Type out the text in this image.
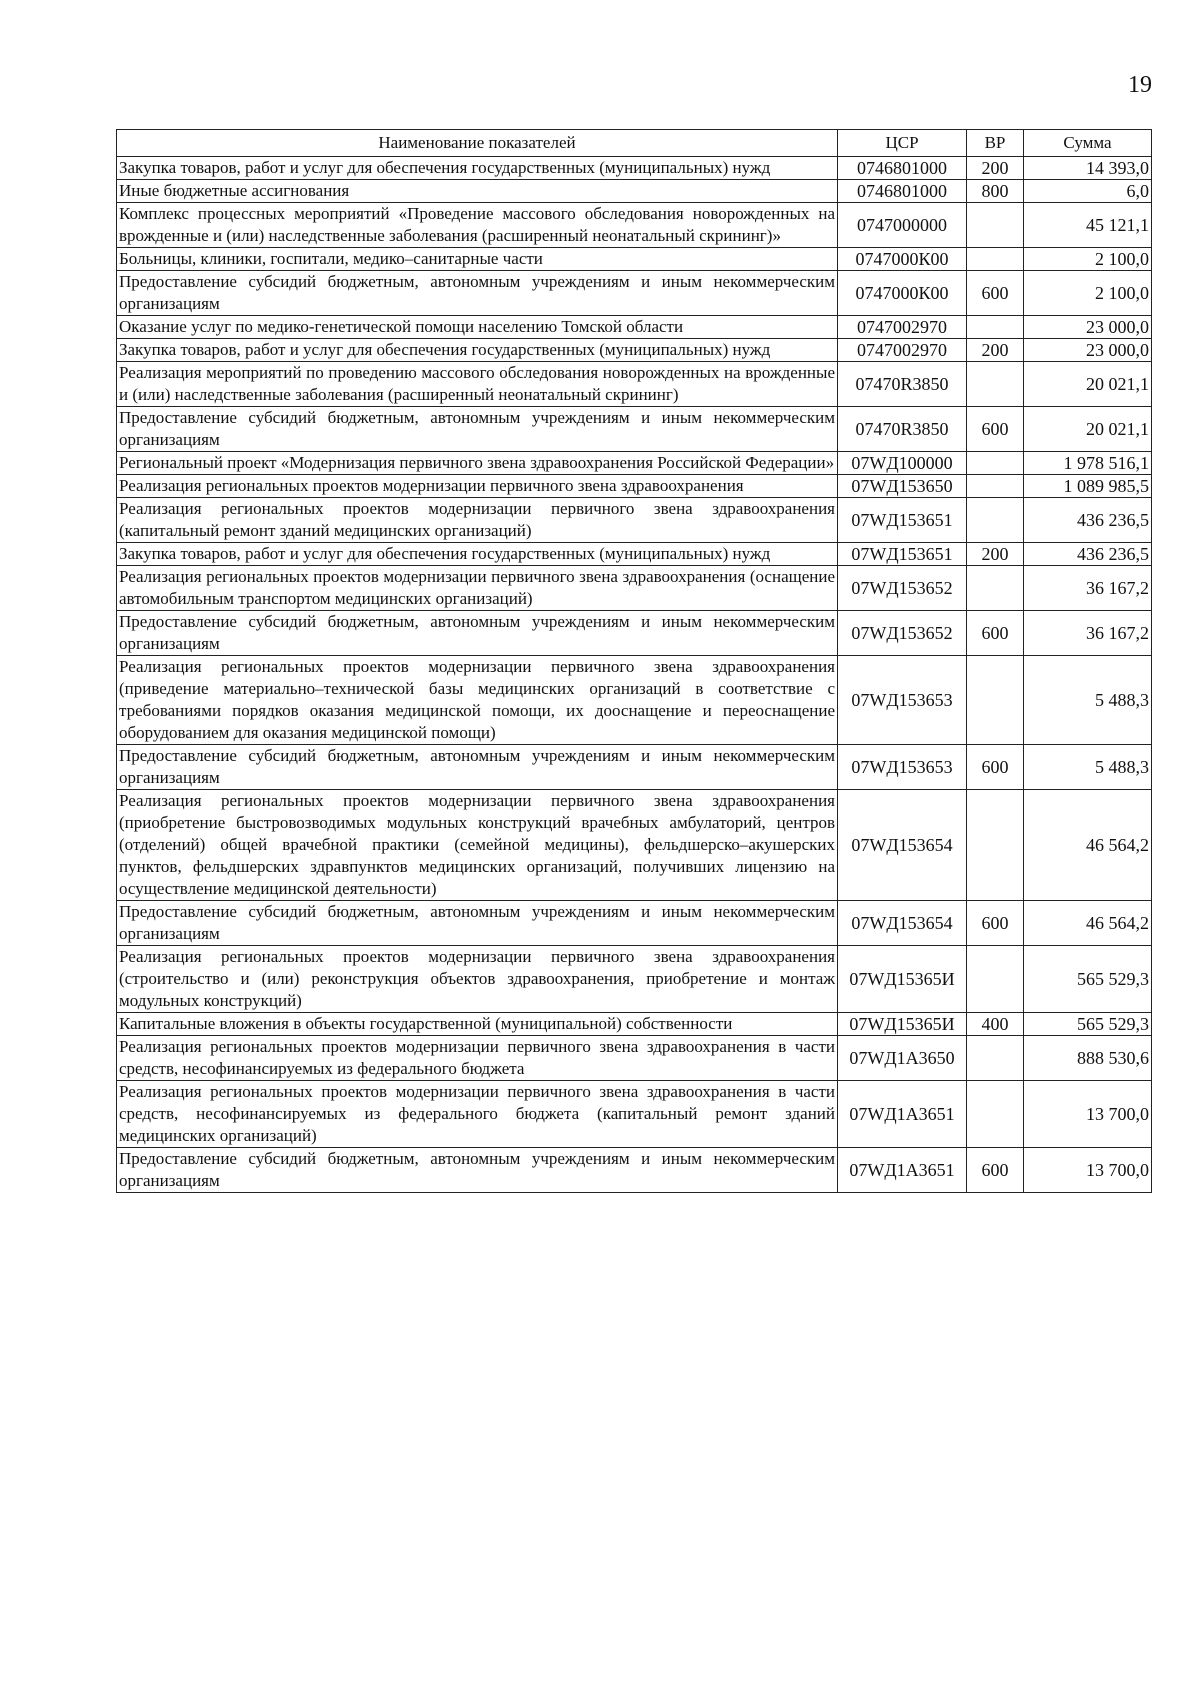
19
Наименование показателей	ЦСР	ВР	Сумма
Закупка товаров, работ и услуг для обеспечения государственных (муниципальных) нужд	0746801000	200	14 393,0
Иные бюджетные ассигнования	0746801000	800	6,0
Комплекс процессных мероприятий «Проведение массового обследования новорожденных на врожденные и (или) наследственные заболевания (расширенный неонатальный скрининг)»	0747000000		45 121,1
Больницы, клиники, госпитали, медико–санитарные части	0747000К00		2 100,0
Предоставление субсидий бюджетным, автономным учреждениям и иным некоммерческим организациям	0747000К00	600	2 100,0
Оказание услуг по медико-генетической помощи населению Томской области	0747002970		23 000,0
Закупка товаров, работ и услуг для обеспечения государственных (муниципальных) нужд	0747002970	200	23 000,0
Реализация мероприятий по проведению массового обследования новорожденных на врожденные и (или) наследственные заболевания (расширенный неонатальный скрининг)	07470R3850		20 021,1
Предоставление субсидий бюджетным, автономным учреждениям и иным некоммерческим организациям	07470R3850	600	20 021,1
Региональный проект «Модернизация первичного звена здравоохранения Российской Федерации»	07WД100000		1 978 516,1
Реализация региональных проектов модернизации первичного звена здравоохранения	07WД153650		1 089 985,5
Реализация региональных проектов модернизации первичного звена здравоохранения (капитальный ремонт зданий медицинских организаций)	07WД153651		436 236,5
Закупка товаров, работ и услуг для обеспечения государственных (муниципальных) нужд	07WД153651	200	436 236,5
Реализация региональных проектов модернизации первичного звена здравоохранения (оснащение автомобильным транспортом медицинских организаций)	07WД153652		36 167,2
Предоставление субсидий бюджетным, автономным учреждениям и иным некоммерческим организациям	07WД153652	600	36 167,2
Реализация региональных проектов модернизации первичного звена здравоохранения (приведение материально–технической базы медицинских организаций в соответствие с требованиями порядков оказания медицинской помощи, их дооснащение и переоснащение оборудованием для оказания медицинской помощи)	07WД153653		5 488,3
Предоставление субсидий бюджетным, автономным учреждениям и иным некоммерческим организациям	07WД153653	600	5 488,3
Реализация региональных проектов модернизации первичного звена здравоохранения (приобретение быстровозводимых модульных конструкций врачебных амбулаторий, центров (отделений) общей врачебной практики (семейной медицины), фельдшерско–акушерских пунктов, фельдшерских здравпунктов медицинских организаций, получивших лицензию на осуществление медицинской деятельности)	07WД153654		46 564,2
Предоставление субсидий бюджетным, автономным учреждениям и иным некоммерческим организациям	07WД153654	600	46 564,2
Реализация региональных проектов модернизации первичного звена здравоохранения (строительство и (или) реконструкция объектов здравоохранения, приобретение и монтаж модульных конструкций)	07WД15365И		565 529,3
Капитальные вложения в объекты государственной (муниципальной) собственности	07WД15365И	400	565 529,3
Реализация региональных проектов модернизации первичного звена здравоохранения в части средств, несофинансируемых из федерального бюджета	07WД1А3650		888 530,6
Реализация региональных проектов модернизации первичного звена здравоохранения в части средств, несофинансируемых из федерального бюджета (капитальный ремонт зданий медицинских организаций)	07WД1А3651		13 700,0
Предоставление субсидий бюджетным, автономным учреждениям и иным некоммерческим организациям	07WД1А3651	600	13 700,0
